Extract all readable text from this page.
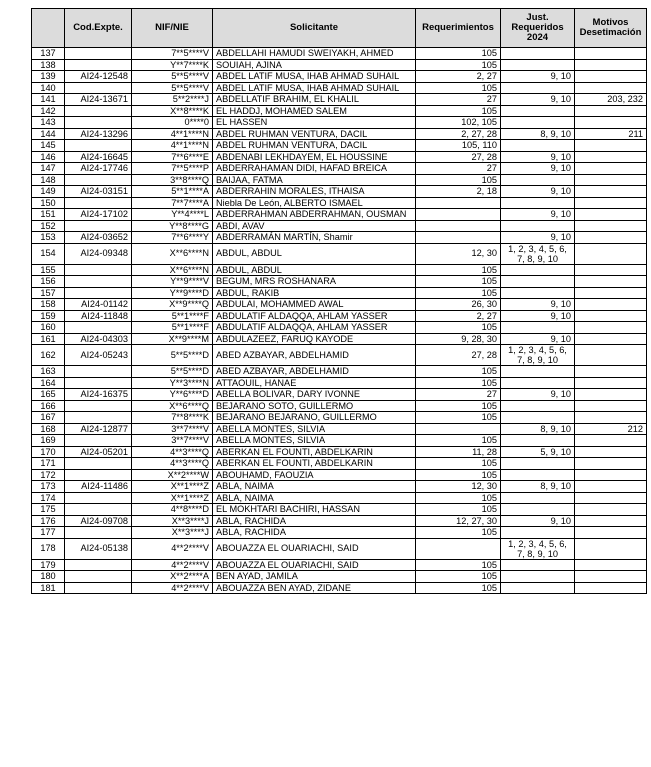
	Cod.Expte.	NIF/NIE	Solicitante	Requerimientos	Just. Requeridos 2024	Motivos Desetimación
137		7**5****V	ABDELLAHI HAMUDI SWEIYAKH, AHMED	105		
138		Y**7****K	SOUIAH, AJINA	105		
139	AI24-12548	5**5****V	ABDEL LATIF MUSA, IHAB AHMAD SUHAIL	2, 27	9, 10	
140		5**5****V	ABDEL LATIF MUSA, IHAB AHMAD SUHAIL	105		
141	AI24-13671	5**2****J	ABDELLATIF BRAHIM, EL KHALIL	27	9, 10	203, 232
142		X**8****K	EL HADDJ, MOHAMED SALEM	105		
143		0****0	EL HASSEN	102, 105		
144	AI24-13296	4**1****N	ABDEL RUHMAN VENTURA, DACIL	2, 27, 28	8, 9, 10	211
145		4**1****N	ABDEL RUHMAN VENTURA, DACIL	105, 110		
146	AI24-16645	7**6****E	ABDENABI LEKHDAYEM, EL HOUSSINE	27, 28	9, 10	
147	AI24-17746	7**5****P	ABDERRAHAMAN DIDI, HAFAD BREICA	27	9, 10	
148		3**8****Q	BAIJAA, FATMA	105		
149	AI24-03151	5**1****A	ABDERRAHIN MORALES, ITHAISA	2, 18	9, 10	
150		7**7****A	Niebla De León, ALBERTO ISMAEL			
151	AI24-17102	Y**4****L	ABDERRAHMAN ABDERRAHMAN, OUSMAN		9, 10	
152		Y**8****G	ABDI, AVAV			
153	AI24-03652	7**6****Y	ABDERRAMÁN MARTÍN, Shamir		9, 10	
154	AI24-09348	X**6****N	ABDUL, ABDUL	12, 30	1, 2, 3, 4, 5, 6, 7, 8, 9, 10	
155		X**6****N	ABDUL, ABDUL	105		
156		Y**9****V	BEGUM, MRS ROSHANARA	105		
157		Y**9****D	ABDUL, RAKIB	105		
158	AI24-01142	X**9****Q	ABDULAI, MOHAMMED AWAL	26, 30	9, 10	
159	AI24-11848	5**1****F	ABDULATIF ALDAQQA, AHLAM YASSER	2, 27	9, 10	
160		5**1****F	ABDULATIF ALDAQQA, AHLAM YASSER	105		
161	AI24-04303	X**9****M	ABDULAZEEZ, FARUQ KAYODE	9, 28, 30	9, 10	
162	AI24-05243	5**5****D	ABED AZBAYAR, ABDELHAMID	27, 28	1, 2, 3, 4, 5, 6, 7, 8, 9, 10	
163		5**5****D	ABED AZBAYAR, ABDELHAMID	105		
164		Y**3****N	ATTAOUIL, HANAE	105		
165	AI24-16375	Y**6****D	ABELLA BOLIVAR, DARY IVONNE	27	9, 10	
166		X**6****Q	BEJARANO SOTO, GUILLERMO	105		
167		7**8****K	BEJARANO BEJARANO, GUILLERMO	105		
168	AI24-12877	3**7****V	ABELLA MONTES, SILVIA		8, 9, 10	212
169		3**7****V	ABELLA MONTES, SILVIA	105		
170	AI24-05201	4**3****Q	ABERKAN EL FOUNTI, ABDELKARIN	11, 28	5, 9, 10	
171		4**3****Q	ABERKAN EL FOUNTI, ABDELKARIN	105		
172		X**2****W	ABOUHAMD, FAOUZIA	105		
173	AI24-11486	X**1****Z	ABLA, NAIMA	12, 30	8, 9, 10	
174		X**1****Z	ABLA, NAIMA	105		
175		4**8****D	EL MOKHTARI BACHIRI, HASSAN	105		
176	AI24-09708	X**3****J	ABLA, RACHIDA	12, 27, 30	9, 10	
177		X**3****J	ABLA, RACHIDA	105		
178	AI24-05138	4**2****V	ABOUAZZA EL OUARIACHI, SAID		1, 2, 3, 4, 5, 6, 7, 8, 9, 10	
179		4**2****V	ABOUAZZA EL OUARIACHI, SAID	105		
180		X**2****A	BEN AYAD, JAMILA	105		
181		4**2****V	ABOUAZZA BEN AYAD, ZIDANE	105		
